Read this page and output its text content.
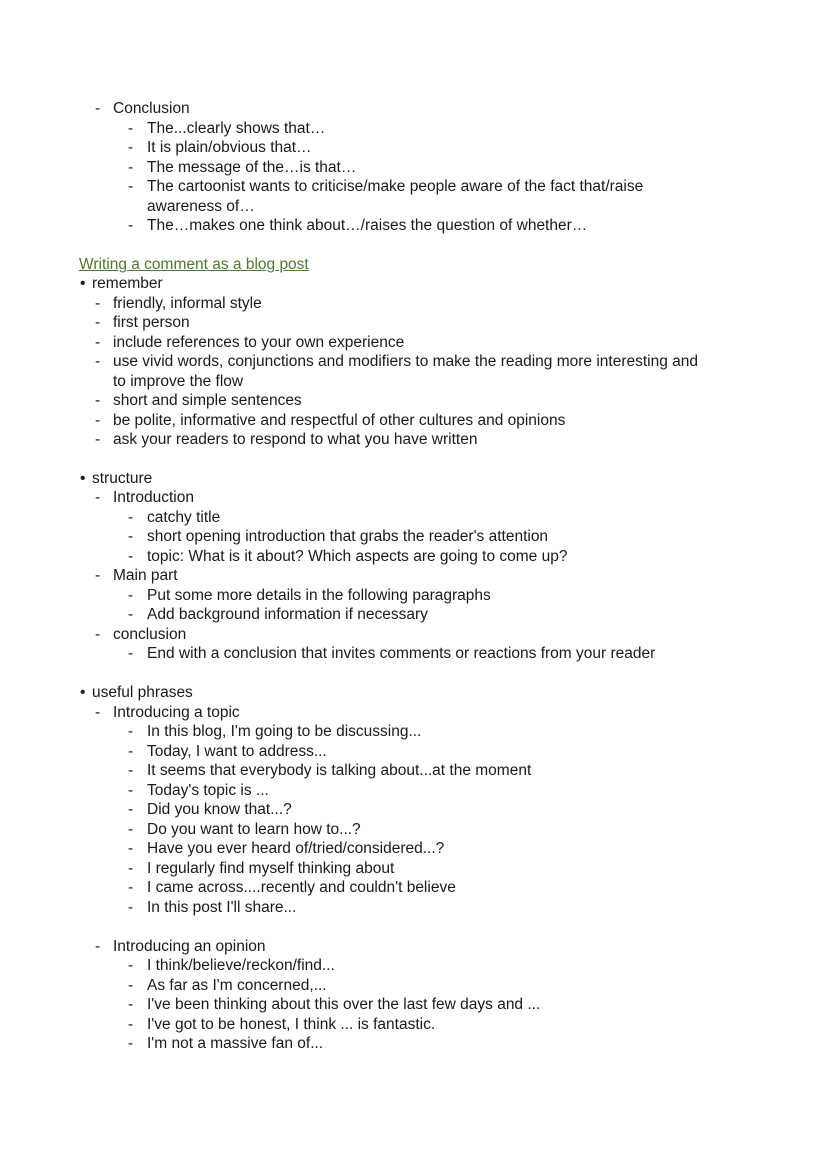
- Conclusion
- The...clearly shows that…
- It is plain/obvious that…
- The message of the…is that…
- The cartoonist wants to criticise/make people aware of the fact that/raise
awareness of…
- The…makes one think about…/raises the question of whether…
Writing a comment as a blog post
• remember
- friendly, informal style
- first person
- include references to your own experience
- use vivid words, conjunctions and modifiers to make the reading more interesting and
to improve the flow
- short and simple sentences
- be polite, informative and respectful of other cultures and opinions
- ask your readers to respond to what you have written
• structure
- Introduction
- catchy title
- short opening introduction that grabs the reader's attention
- topic: What is it about? Which aspects are going to come up?
- Main part
- Put some more details in the following paragraphs
- Add background information if necessary
- conclusion
- End with a conclusion that invites comments or reactions from your reader
• useful phrases
- Introducing a topic
- In this blog, I'm going to be discussing...
- Today, I want to address...
- It seems that everybody is talking about...at the moment
- Today's topic is ...
- Did you know that...?
- Do you want to learn how to...?
- Have you ever heard of/tried/considered...?
- I regularly find myself thinking about
- I came across....recently and couldn't believe
- In this post I'll share...
- Introducing an opinion
- I think/believe/reckon/find...
- As far as I'm concerned,...
- I've been thinking about this over the last few days and ...
- I've got to be honest, I think ... is fantastic.
- I'm not a massive fan of...
